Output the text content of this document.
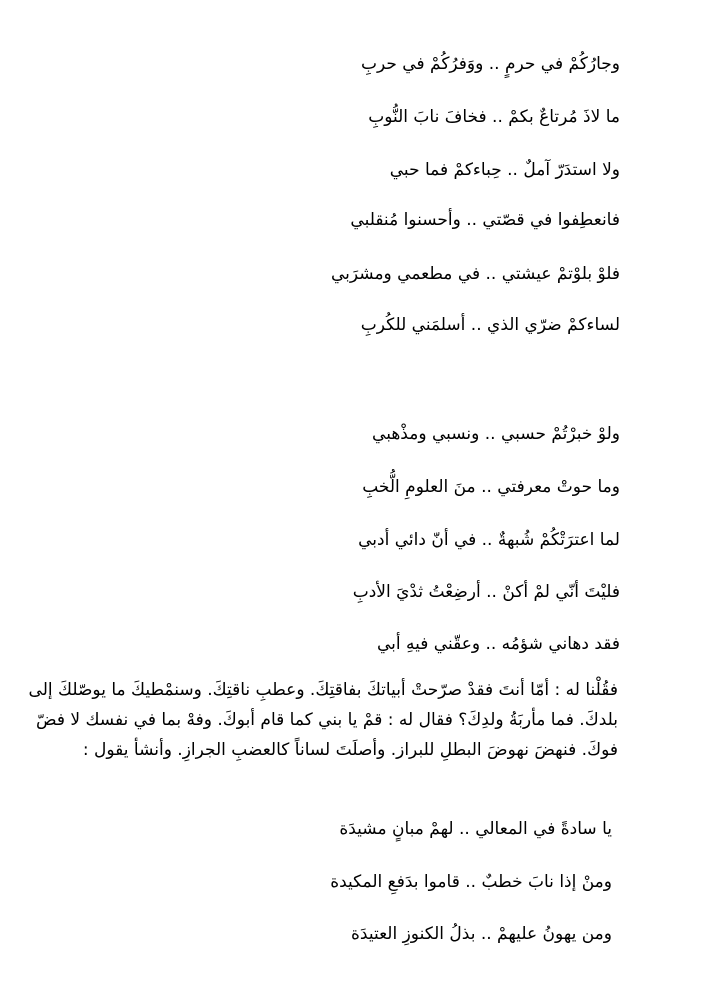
وجارُكُمْ في حرمٍ .. ووَفرُكُمْ في حربِ
ما لاذَ مُرتاعٌ بكمْ .. فخافَ نابَ النُّوبِ
ولا استدَرّ آملٌ .. حِباءكمْ فما حبي
فانعطِفوا في قصّتي .. وأحسنوا مُنقلبي
فلوْ بلوْتمْ عيشتي .. في مطعمي ومشرَبي
لساءكمْ ضرّي الذي .. أسلمَني للكُربِ
ولوْ خبرْتُمْ حسبي .. ونسبي ومذْهبي
وما حوتْ معرفتي .. منَ العلومِ الُّخبِ
لما اعترَتْكُمْ شُبهةٌ .. في أنّ دائي أدبي
فليْتَ أنّي لمْ أكنْ .. أرضِعْتُ ثدْيَ الأدبِ
فقد دهاني شؤمُه .. وعقّني فيهِ أبي
فقُلْنا له : أمّا أنتَ فقدْ صرّحتْ أبياتكَ بفاقتِكَ. وعطبِ ناقتِكَ. وسنمْطيكَ ما يوصّلكَ إلى
بلدكَ. فما مأربَةُ ولدِكَ؟ فقال له : قمْ يا بني كما قام أبوكَ. وفهْ بما في نفسك لا فضّ
فوكَ. فنهضَ نهوضَ البطلِ للبراز. وأصلَتَ لساناً كالعضبِ الجرازِ. وأنشأ يقول :
يا سادةً في المعالي .. لهمْ مبانٍ مشيدَة
ومنْ إذا نابَ خطبٌ .. قاموا بدَفعِ المكيدة
ومن يهونُ عليهمْ .. بذلُ الكنوزِ العتيدَة
